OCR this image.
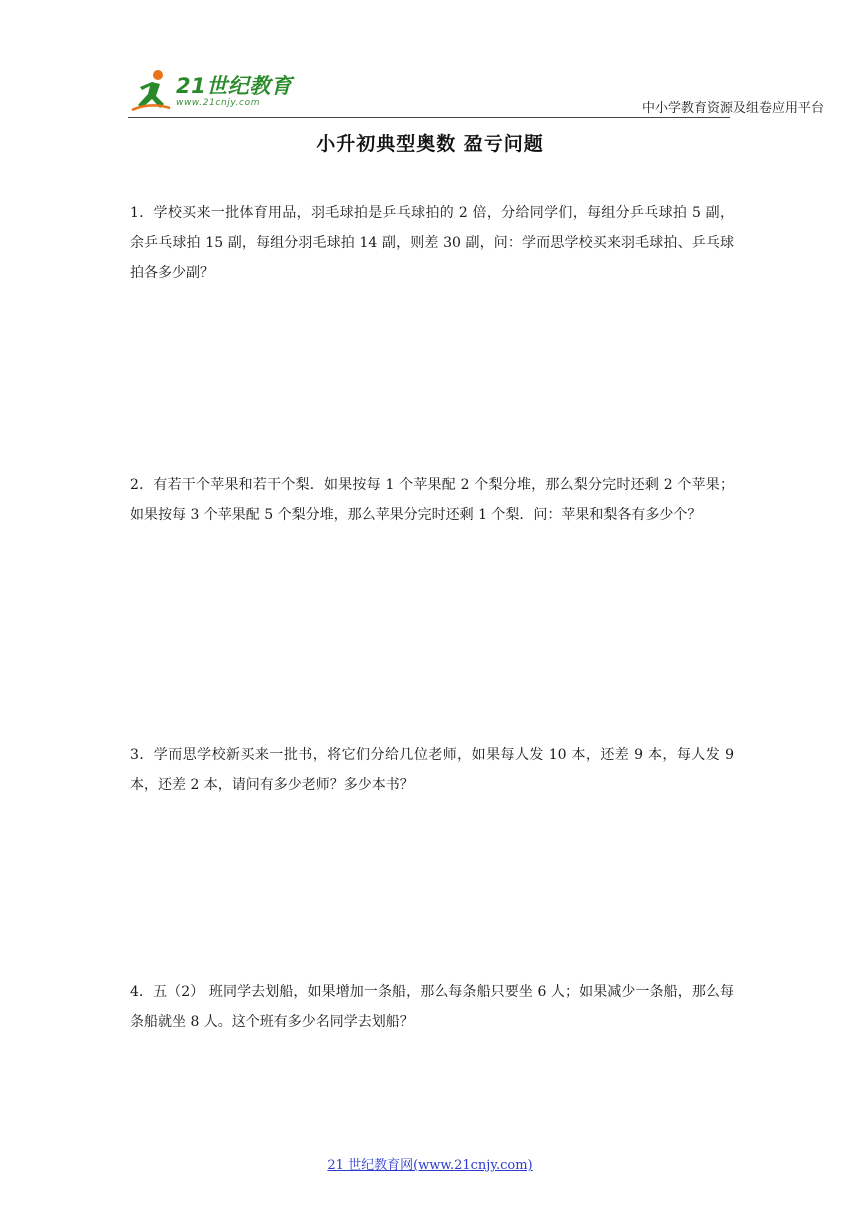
21世纪教育
www.21cnjy.com	中小学教育资源及组卷应用平台
小升初典型奥数 盈亏问题
1．学校买来一批体育用品，羽毛球拍是乒乓球拍的 2 倍，分给同学们，每组分乒乓球拍 5 副，余乒乓球拍 15 副，每组分羽毛球拍 14 副，则差 30 副，问：学而思学校买来羽毛球拍、乒乓球拍各多少副？
2．有若干个苹果和若干个梨．如果按每 1 个苹果配 2 个梨分堆，那么梨分完时还剩 2 个苹果；如果按每 3 个苹果配 5 个梨分堆，那么苹果分完时还剩 1 个梨．问：苹果和梨各有多少个？
3．学而思学校新买来一批书，将它们分给几位老师，如果每人发 10 本，还差 9 本，每人发 9 本，还差 2 本，请问有多少老师？多少本书？
4．五（2） 班同学去划船，如果增加一条船，那么每条船只要坐 6 人；如果减少一条船，那么每条船就坐 8 人。这个班有多少名同学去划船？
21 世纪教育网(www.21cnjy.com)
